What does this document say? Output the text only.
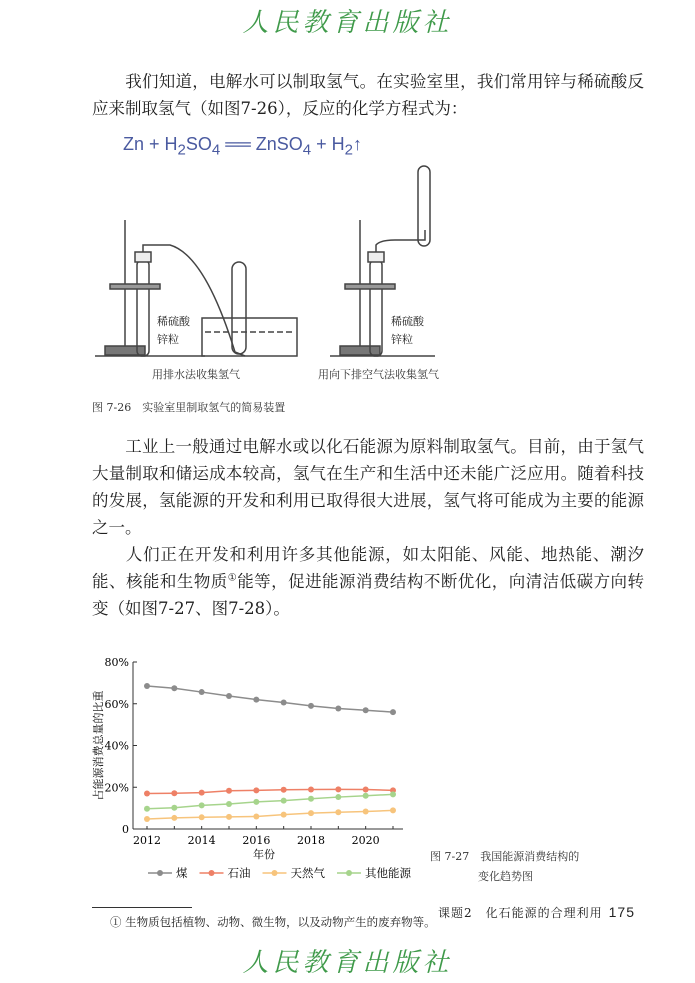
人民教育出版社
我们知道，电解水可以制取氢气。在实验室里，我们常用锌与稀硫酸反应来制取氢气（如图7-26），反应的化学方程式为：
$Zn + H_2SO_4$ ══ ZnSO$_4$ + $H_2↑$
稀硫酸
锌粒
稀硫酸
锌粒
用排水法收集氢气	用向下排空气法收集氢气
图 7-26　实验室里制取氢气的简易装置
工业上一般通过电解水或以化石能源为原料制取氢气。目前，由于氢气大量制取和储运成本较高，氢气在生产和生活中还未能广泛应用。随着科技的发展，氢能源的开发和利用已取得很大进展，氢气将可能成为主要的能源之一。
人们正在开发和利用许多其他能源，如太阳能、风能、地热能、潮汐能、核能和生物质①能等，促进能源消费结构不断优化，向清洁低碳方向转变（如图7-27、图7-28）。
0
20%
40%
60%
80%
2012 2014 2016 2018 2020
年份
占能源消费总量的比重
煤	石油	天然气	其他能源
图 7-27　我国能源消费结构的
变化趋势图
① 生物质包括植物、动物、微生物，以及动物产生的废弃物等。
课题2　化石能源的合理利用 175
人民教育出版社
